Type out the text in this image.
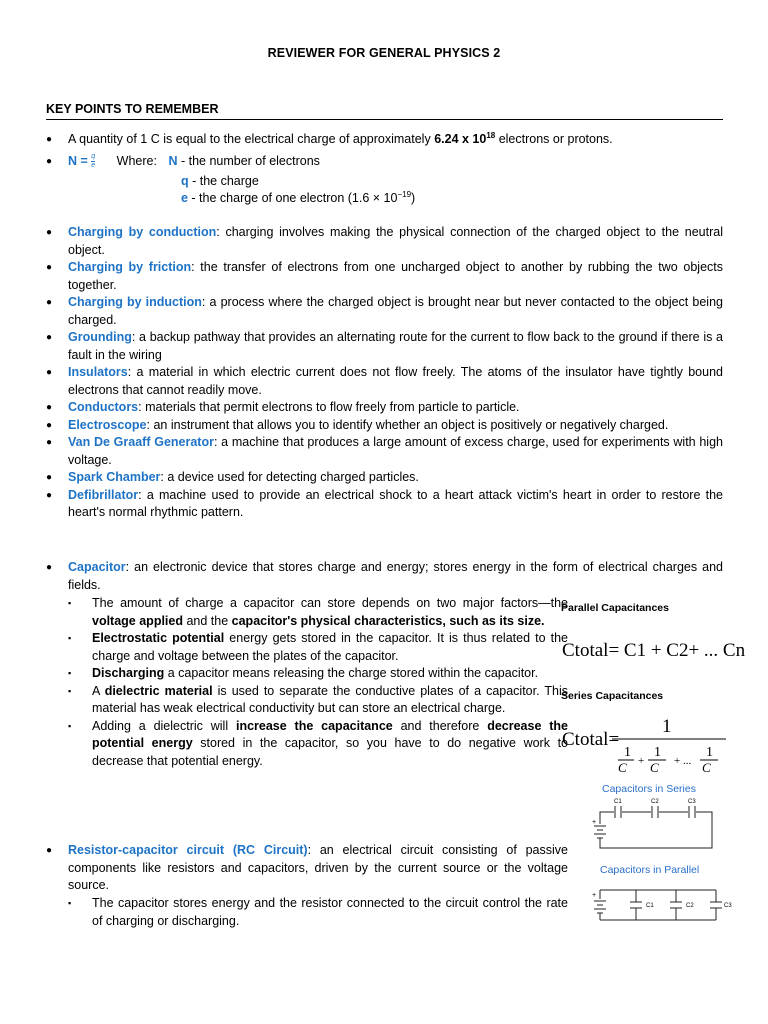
REVIEWER FOR GENERAL PHYSICS 2
KEY POINTS TO REMEMBER
● A quantity of 1 C is equal to the electrical charge of approximately 6.24 x $10^{18}$ electrons or protons.
● $N = \frac{q}{e}$ Where: N - the number of electrons
q - the charge
e - the charge of one electron $(1.6 \times 10^{-19})$
● Charging by conduction: charging involves making the physical connection of the charged object to the neutral object.
● Charging by friction: the transfer of electrons from one uncharged object to another by rubbing the two objects together.
● Charging by induction: a process where the charged object is brought near but never contacted to the object being charged.
● Grounding: a backup pathway that provides an alternating route for the current to flow back to the ground if there is a fault in the wiring
● Insulators: a material in which electric current does not flow freely. The atoms of the insulator have tightly bound electrons that cannot readily move.
● Conductors: materials that permit electrons to flow freely from particle to particle.
● Electroscope: an instrument that allows you to identify whether an object is positively or negatively charged.
● Van De Graaff Generator: a machine that produces a large amount of excess charge, used for experiments with high voltage.
● Spark Chamber: a device used for detecting charged particles.
● Defibrillator: a machine used to provide an electrical shock to a heart attack victim's heart in order to restore the heart's normal rhythmic pattern.
● Capacitor: an electronic device that stores charge and energy; stores energy in the form of electrical charges and fields.
▪ The amount of charge a capacitor can store depends on two major factors—the voltage applied and the capacitor's physical characteristics, such as its size.
▪ Electrostatic potential energy gets stored in the capacitor. It is thus related to the charge and voltage between the plates of the capacitor.
▪ Discharging a capacitor means releasing the charge stored within the capacitor.
▪ A dielectric material is used to separate the conductive plates of a capacitor. This material has weak electrical conductivity but can store an electrical charge.
▪ Adding a dielectric will increase the capacitance and therefore decrease the potential energy stored in the capacitor, so you have to do negative work to decrease that potential energy.
● Resistor-capacitor circuit (RC Circuit): an electrical circuit consisting of passive components like resistors and capacitors, driven by the current source or the voltage source.
▪ The capacitor stores energy and the resistor connected to the circuit control the rate of charging or discharging.
Parallel Capacitances
Ctotal= C1 + C2+ ... Cn
Series Capacitances
Ctotal=
1
1
C +
1
C + ...
1
C
Capacitors in Series
+
C1	C2	C3
Capacitors in Parallel
+
C1	C2	C3
